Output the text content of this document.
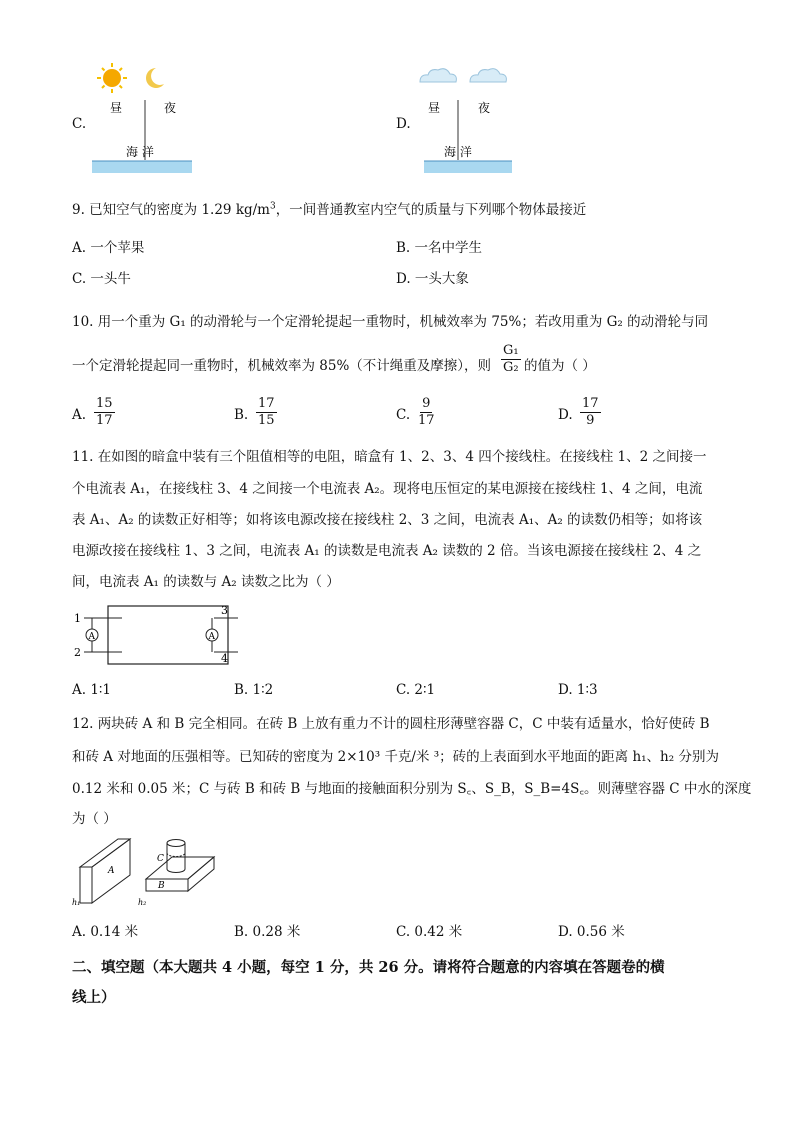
C.
昼	夜
海 洋
D.
昼	夜
海 洋
9. 已知空气的密度为 1.29 $kg/m^3$，一间普通教室内空气的质量与下列哪个物体最接近
A. 一个苹果	B. 一名中学生
C. 一头牛	D. 一头大象
10. 用一个重为 G₁ 的动滑轮与一个定滑轮提起一重物时，机械效率为 75%；若改用重为 G₂ 的动滑轮与同
一个定滑轮提起同一重物时，机械效率为 85%（不计绳重及摩擦），则 $\frac{\text{G₁}}{\text{G₂}}$ 的值为（ ）
A. $\frac{15}{17}$	B. $\frac{17}{15}$	C. $\frac{9}{17}$	D. $\frac{17}{9}$
11. 在如图的暗盒中装有三个阻值相等的电阻，暗盒有 1、2、3、4 四个接线柱。在接线柱 1、2 之间接一
个电流表 A₁，在接线柱 3、4 之间接一个电流表 A₂。现将电压恒定的某电源接在接线柱 1、4 之间，电流
表 A₁、A₂ 的读数正好相等；如将该电源改接在接线柱 2、3 之间，电流表 A₁、A₂ 的读数仍相等；如将该
电源改接在接线柱 1、3 之间，电流表 A₁ 的读数是电流表 A₂ 读数的 2 倍。当该电源接在接线柱 2、4 之
间，电流表 A₁ 的读数与 A₂ 读数之比为（ ）
A	A
1
2
3
4
A. 1∶1	B. 1∶2	C. 2∶1	D. 1∶3
12. 两块砖 A 和 B 完全相同。在砖 B 上放有重力不计的圆柱形薄壁容器 C，C 中装有适量水，恰好使砖 B
和砖 A 对地面的压强相等。已知砖的密度为 2×10³ 千克/米 ³；砖的上表面到水平地面的距离 h₁、h₂ 分别为
0.12 米和 0.05 米；C 与砖 B 和砖 B 与地面的接触面积分别为 S꜀、S_B，S_B=4S꜀。则薄壁容器 C 中水的深度
为（ ）
A
h₁
B
h₂
C
A. 0.14 米	B. 0.28 米	C. 0.42 米	D. 0.56 米
二、填空题（本大题共 4 小题，每空 1 分，共 26 分。请将符合题意的内容填在答题卷的横
线上）
